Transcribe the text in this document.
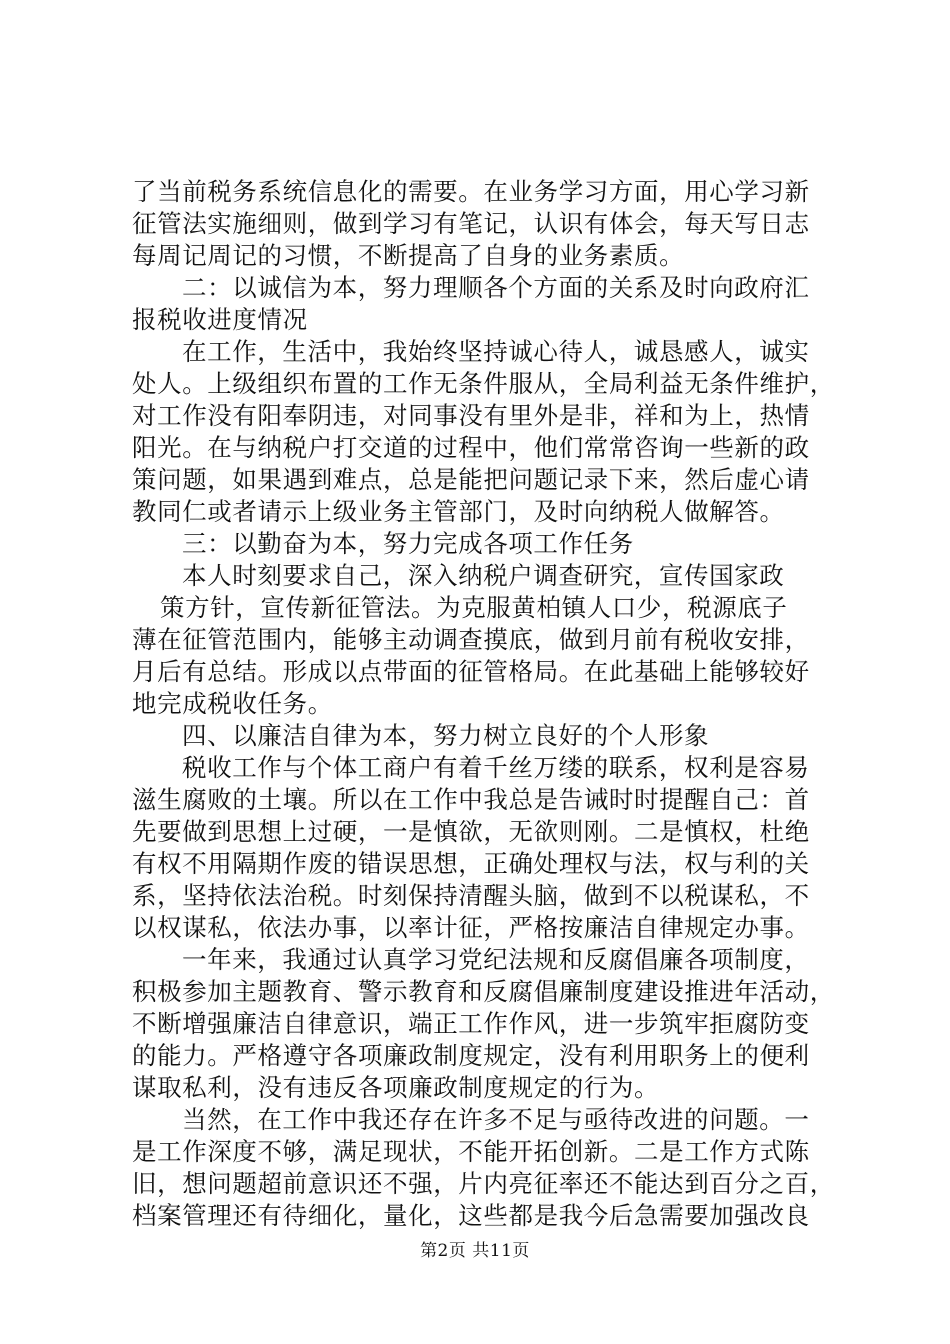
了当前税务系统信息化的需要。在业务学习方面，用心学习新
征管法实施细则，做到学习有笔记，认识有体会，每天写日志
每周记周记的习惯，不断提高了自身的业务素质。
二：以诚信为本，努力理顺各个方面的关系及时向政府汇
报税收进度情况
在工作，生活中，我始终坚持诚心待人，诚恳感人，诚实
处人。上级组织布置的工作无条件服从，全局利益无条件维护，
对工作没有阳奉阴违，对同事没有里外是非，祥和为上，热情
阳光。在与纳税户打交道的过程中，他们常常咨询一些新的政
策问题，如果遇到难点，总是能把问题记录下来，然后虚心请
教同仁或者请示上级业务主管部门，及时向纳税人做解答。
三：以勤奋为本，努力完成各项工作任务
本人时刻要求自己，深入纳税户调查研究，宣传国家政
策方针，宣传新征管法。为克服黄柏镇人口少，税源底子
薄在征管范围内，能够主动调查摸底，做到月前有税收安排，
月后有总结。形成以点带面的征管格局。在此基础上能够较好
地完成税收任务。
四、以廉洁自律为本，努力树立良好的个人形象
税收工作与个体工商户有着千丝万缕的联系，权利是容易
滋生腐败的土壤。所以在工作中我总是告诫时时提醒自己：首
先要做到思想上过硬，一是慎欲，无欲则刚。二是慎权，杜绝
有权不用隔期作废的错误思想，正确处理权与法，权与利的关
系，坚持依法治税。时刻保持清醒头脑，做到不以税谋私，不
以权谋私，依法办事，以率计征，严格按廉洁自律规定办事。
一年来，我通过认真学习党纪法规和反腐倡廉各项制度，
积极参加主题教育、警示教育和反腐倡廉制度建设推进年活动，
不断增强廉洁自律意识，端正工作作风，进一步筑牢拒腐防变
的能力。严格遵守各项廉政制度规定，没有利用职务上的便利
谋取私利，没有违反各项廉政制度规定的行为。
当然，在工作中我还存在许多不足与亟待改进的问题。一
是工作深度不够，满足现状，不能开拓创新。二是工作方式陈
旧，想问题超前意识还不强，片内亮征率还不能达到百分之百，
档案管理还有待细化，量化，这些都是我今后急需要加强改良
第2页 共11页
